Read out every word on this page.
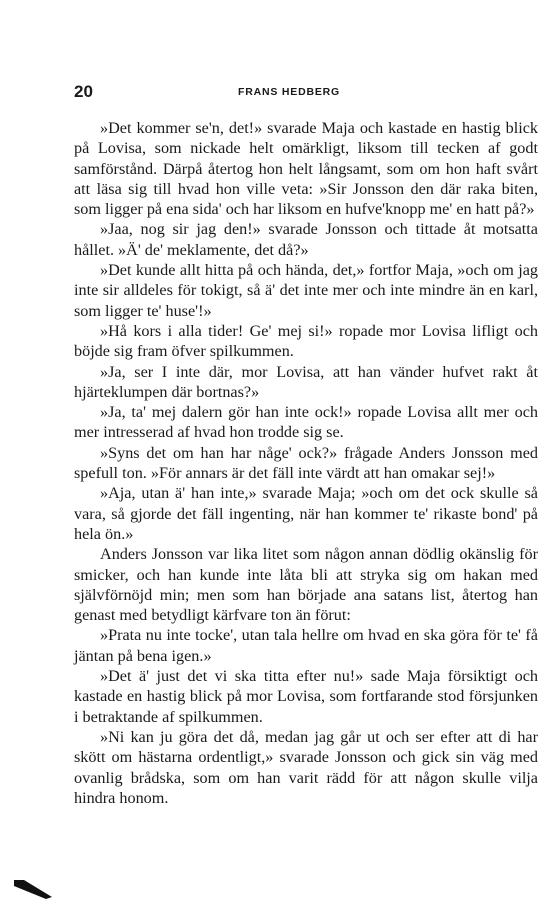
20	FRANS HEDBERG

»Det kommer se'n, det!» svarade Maja och kastade en hastig blick på Lovisa, som nickade helt omärkligt, liksom till tecken af godt samförstånd. Därpå återtog hon helt långsamt, som om hon haft svårt att läsa sig till hvad hon ville veta: »Sir Jonsson den där raka biten, som ligger på ena sida' och har liksom en hufve'knopp me' en hatt på?»

»Jaa, nog sir jag den!» svarade Jonsson och tittade åt motsatta hållet. »Ä' de' meklamente, det då?»

»Det kunde allt hitta på och hända, det,» fortfor Maja, »och om jag inte sir alldeles för tokigt, så ä' det inte mer och inte mindre än en karl, som ligger te' huse'!»

»Hå kors i alla tider! Ge' mej si!» ropade mor Lovisa lifligt och böjde sig fram öfver spilkummen.

»Ja, ser I inte där, mor Lovisa, att han vänder hufvet rakt åt hjärteklumpen där bortnas?»

»Ja, ta' mej dalern gör han inte ock!» ropade Lovisa allt mer och mer intresserad af hvad hon trodde sig se.

»Syns det om han har någe' ock?» frågade Anders Jonsson med spefull ton. »För annars är det fäll inte värdt att han omakar sej!»

»Aja, utan ä' han inte,» svarade Maja; »och om det ock skulle så vara, så gjorde det fäll ingenting, när han kommer te' rikaste bond' på hela ön.»

Anders Jonsson var lika litet som någon annan dödlig okänslig för smicker, och han kunde inte låta bli att stryka sig om hakan med självförnöjd min; men som han började ana satans list, återtog han genast med betydligt kärfvare ton än förut:

»Prata nu inte tocke', utan tala hellre om hvad en ska göra för te' få jäntan på bena igen.»

»Det ä' just det vi ska titta efter nu!» sade Maja försiktigt och kastade en hastig blick på mor Lovisa, som fortfarande stod försjunken i betraktande af spilkummen.

»Ni kan ju göra det då, medan jag går ut och ser efter att di har skött om hästarna ordentligt,» svarade Jonsson och gick sin väg med ovanlig brådska, som om han varit rädd för att någon skulle vilja hindra honom.
